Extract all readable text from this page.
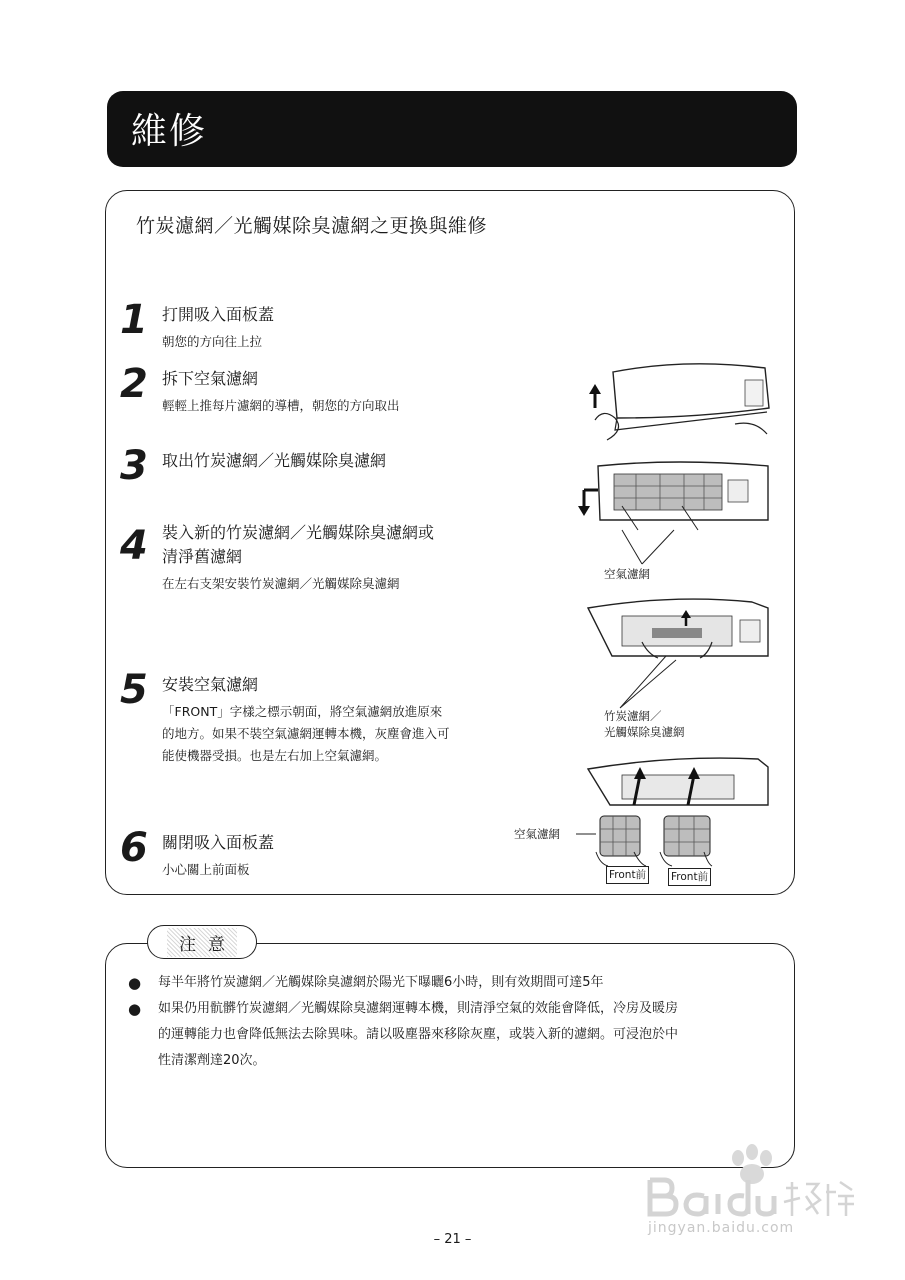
維修
竹炭濾網／光觸媒除臭濾網之更換與維修
1 打開吸入面板蓋
朝您的方向往上拉
2 拆下空氣濾網
輕輕上推每片濾網的導槽，朝您的方向取出
3 取出竹炭濾網／光觸媒除臭濾網
4 裝入新的竹炭濾網／光觸媒除臭濾網或
清淨舊濾網
在左右支架安裝竹炭濾網／光觸媒除臭濾網
5 安裝空氣濾網
「FRONT」字樣之標示朝面，將空氣濾網放進原來
的地方。如果不裝空氣濾網運轉本機，灰塵會進入可
能使機器受損。也是左右加上空氣濾網。
6 關閉吸入面板蓋
小心關上前面板
空氣濾網
竹炭濾網／
光觸媒除臭濾網
空氣濾網
Front前 Front前
注意
● 每半年將竹炭濾網／光觸媒除臭濾網於陽光下曝曬6小時，則有效期間可達5年
● 如果仍用骯髒竹炭濾網／光觸媒除臭濾網運轉本機，則清淨空氣的效能會降低，冷房及暖房
的運轉能力也會降低無法去除異味。請以吸塵器來移除灰塵，或裝入新的濾網。可浸泡於中
性清潔劑達20次。
– 21 –
jingyan.baidu.com
